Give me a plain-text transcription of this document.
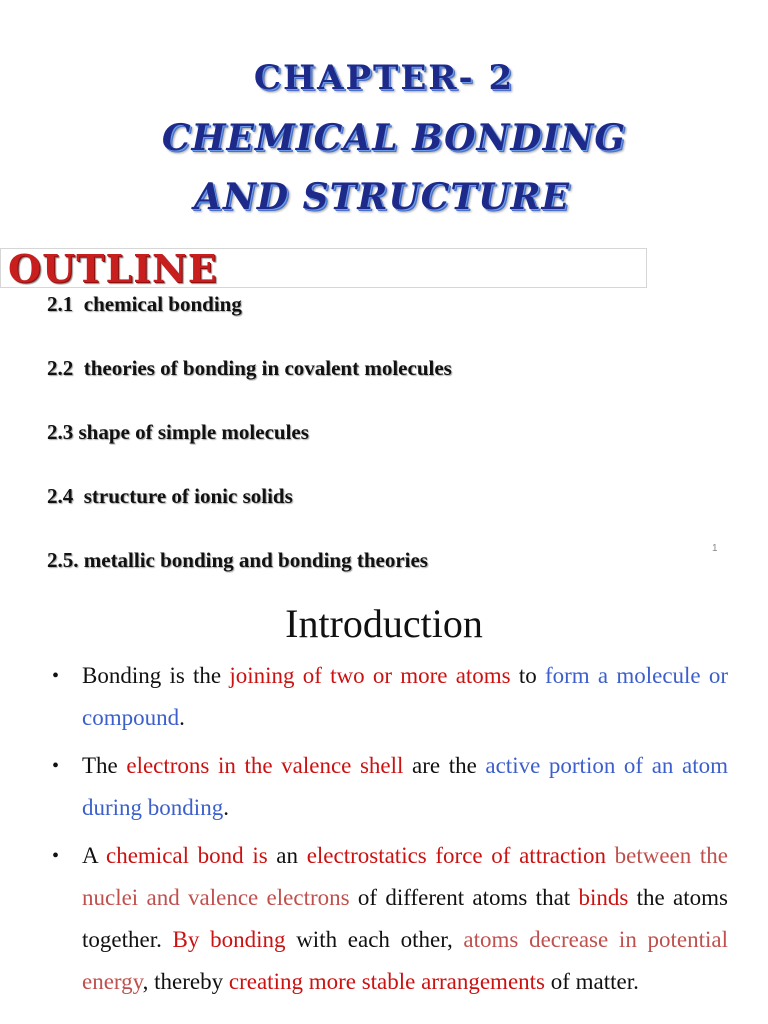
CHAPTER- 2
CHEMICAL BONDING
AND STRUCTURE
OUTLINE
2.1  chemical bonding
2.2  theories of bonding in covalent molecules
2.3 shape of simple molecules
2.4  structure of ionic solids
2.5. metallic bonding and bonding theories	1
Introduction
• Bonding is the joining of two or more atoms to form a molecule or compound.
• The electrons in the valence shell are the active portion of an atom during bonding.
• A chemical bond is an electrostatics force of attraction between the nuclei and valence electrons of different atoms that binds the atoms together. By bonding with each other, atoms decrease in potential energy, thereby creating more stable arrangements of matter.
